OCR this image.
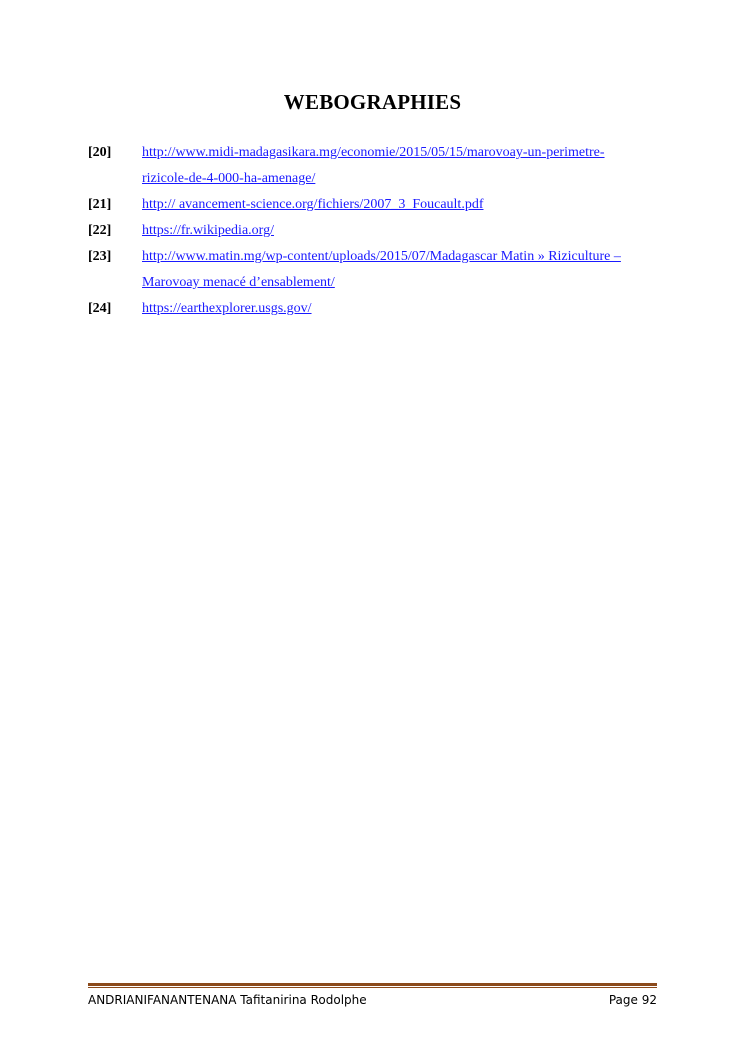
WEBOGRAPHIES
[20] http://www.midi-madagasikara.mg/economie/2015/05/15/marovoay-un-perimetre-
rizicole-de-4-000-ha-amenage/
[21] http:// avancement-science.org/fichiers/2007_3_Foucault.pdf
[22] https://fr.wikipedia.org/
[23] http://www.matin.mg/wp-content/uploads/2015/07/Madagascar Matin » Riziculture –
Marovoay menacé d’ensablement/
[24] https://earthexplorer.usgs.gov/
ANDRIANIFANANTENANA Tafitanirina Rodolphe	Page 92
